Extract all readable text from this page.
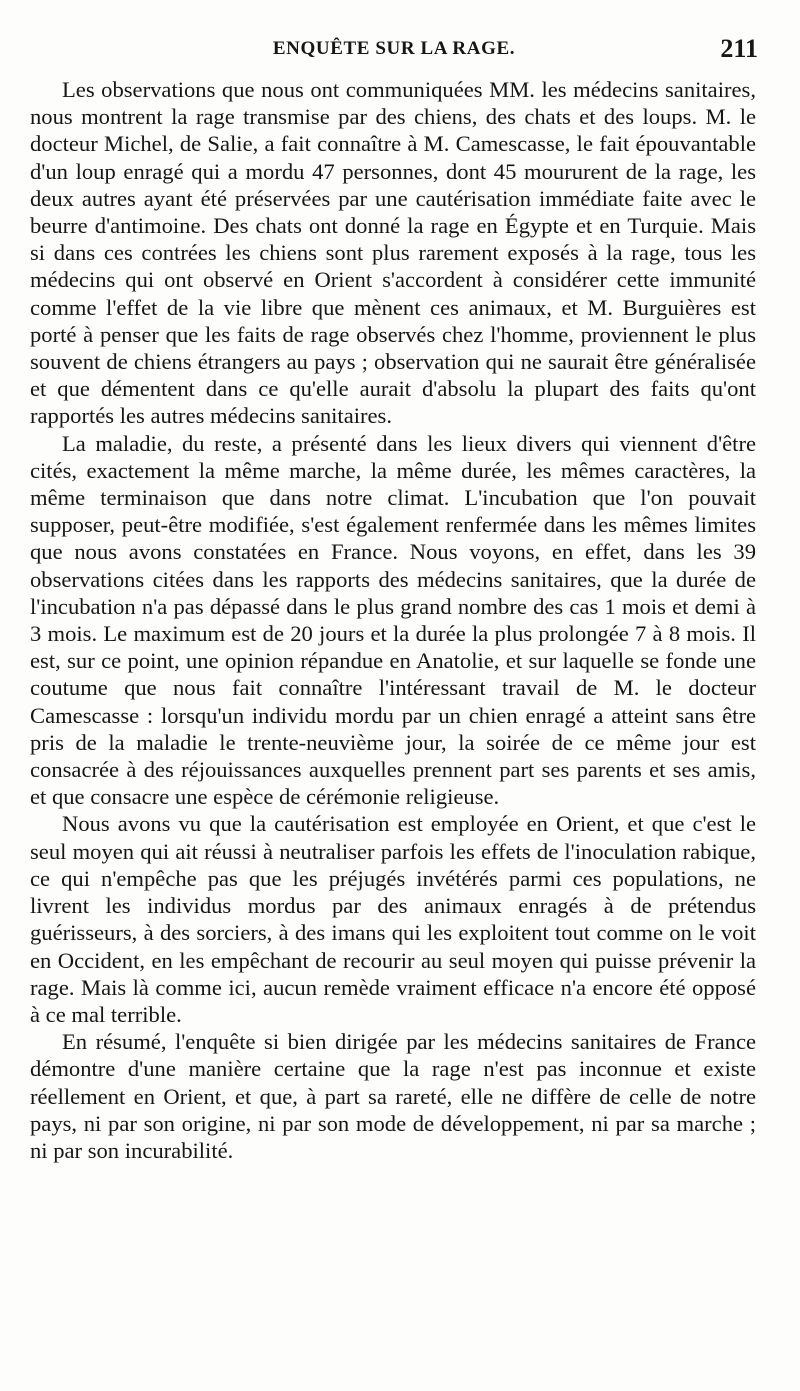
ENQUÊTE SUR LA RAGE.	211

Les observations que nous ont communiquées MM. les médecins sanitaires, nous montrent la rage transmise par des chiens, des chats et des loups. M. le docteur Michel, de Salie, a fait connaître à M. Camescasse, le fait épouvantable d'un loup enragé qui a mordu 47 personnes, dont 45 moururent de la rage, les deux autres ayant été préservées par une cautérisation immédiate faite avec le beurre d'antimoine. Des chats ont donné la rage en Égypte et en Turquie. Mais si dans ces contrées les chiens sont plus rarement exposés à la rage, tous les médecins qui ont observé en Orient s'accordent à considérer cette immunité comme l'effet de la vie libre que mènent ces animaux, et M. Burguières est porté à penser que les faits de rage observés chez l'homme, proviennent le plus souvent de chiens étrangers au pays ; observation qui ne saurait être généralisée et que démentent dans ce qu'elle aurait d'absolu la plupart des faits qu'ont rapportés les autres médecins sanitaires.

La maladie, du reste, a présenté dans les lieux divers qui viennent d'être cités, exactement la même marche, la même durée, les mêmes caractères, la même terminaison que dans notre climat. L'incubation que l'on pouvait supposer, peut-être modifiée, s'est également renfermée dans les mêmes limites que nous avons constatées en France. Nous voyons, en effet, dans les 39 observations citées dans les rapports des médecins sanitaires, que la durée de l'incubation n'a pas dépassé dans le plus grand nombre des cas 1 mois et demi à 3 mois. Le maximum est de 20 jours et la durée la plus prolongée 7 à 8 mois. Il est, sur ce point, une opinion répandue en Anatolie, et sur laquelle se fonde une coutume que nous fait connaître l'intéressant travail de M. le docteur Camescasse : lorsqu'un individu mordu par un chien enragé a atteint sans être pris de la maladie le trente-neuvième jour, la soirée de ce même jour est consacrée à des réjouissances auxquelles prennent part ses parents et ses amis, et que consacre une espèce de cérémonie religieuse.

Nous avons vu que la cautérisation est employée en Orient, et que c'est le seul moyen qui ait réussi à neutraliser parfois les effets de l'inoculation rabique, ce qui n'empêche pas que les préjugés invétérés parmi ces populations, ne livrent les individus mordus par des animaux enragés à de prétendus guérisseurs, à des sorciers, à des imans qui les exploitent tout comme on le voit en Occident, en les empêchant de recourir au seul moyen qui puisse prévenir la rage. Mais là comme ici, aucun remède vraiment efficace n'a encore été opposé à ce mal terrible.

En résumé, l'enquête si bien dirigée par les médecins sanitaires de France démontre d'une manière certaine que la rage n'est pas inconnue et existe réellement en Orient, et que, à part sa rareté, elle ne diffère de celle de notre pays, ni par son origine, ni par son mode de développement, ni par sa marche ; ni par son incurabilité.
